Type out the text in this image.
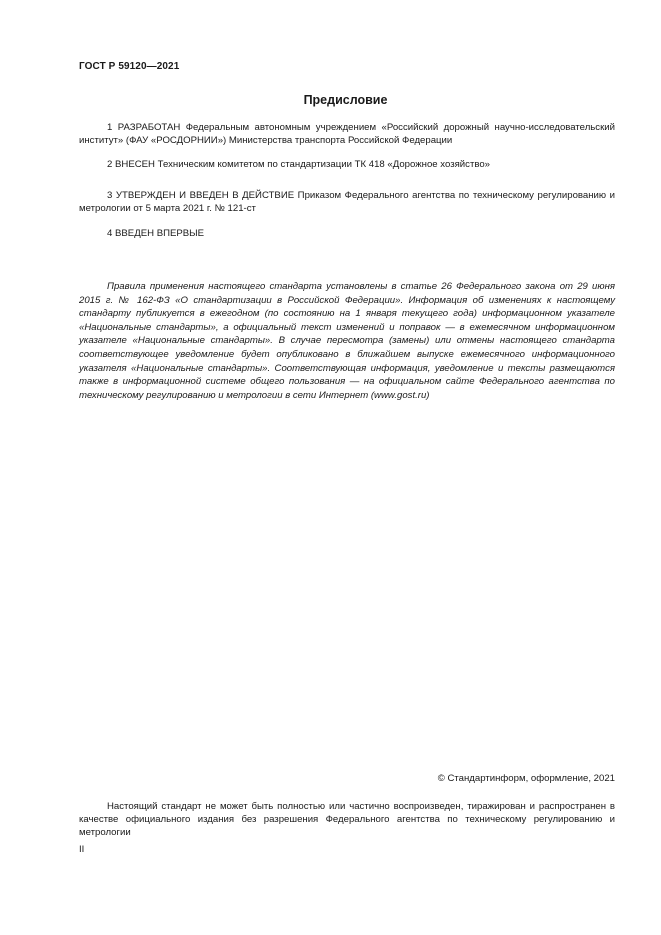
ГОСТ Р 59120—2021
Предисловие

1 РАЗРАБОТАН Федеральным автономным учреждением «Российский дорожный научно-исследовательский институт» (ФАУ «РОСДОРНИИ») Министерства транспорта Российской Федерации

2 ВНЕСЕН Техническим комитетом по стандартизации ТК 418 «Дорожное хозяйство»

3 УТВЕРЖДЕН И ВВЕДЕН В ДЕЙСТВИЕ Приказом Федерального агентства по техническому регулированию и метрологии от 5 марта 2021 г. № 121-ст

4 ВВЕДЕН ВПЕРВЫЕ

Правила применения настоящего стандарта установлены в статье 26 Федерального закона от 29 июня 2015 г. № 162-ФЗ «О стандартизации в Российской Федерации». Информация об изменениях к настоящему стандарту публикуется в ежегодном (по состоянию на 1 января текущего года) информационном указателе «Национальные стандарты», а официальный текст изменений и поправок — в ежемесячном информационном указателе «Национальные стандарты». В случае пересмотра (замены) или отмены настоящего стандарта соответствующее уведомление будет опубликовано в ближайшем выпуске ежемесячного информационного указателя «Национальные стандарты». Соответствующая информация, уведомление и тексты размещаются также в информационной системе общего пользования — на официальном сайте Федерального агентства по техническому регулированию и метрологии в сети Интернет (www.gost.ru)

© Стандартинформ, оформление, 2021

Настоящий стандарт не может быть полностью или частично воспроизведен, тиражирован и распространен в качестве официального издания без разрешения Федерального агентства по техническому регулированию и метрологии

II
